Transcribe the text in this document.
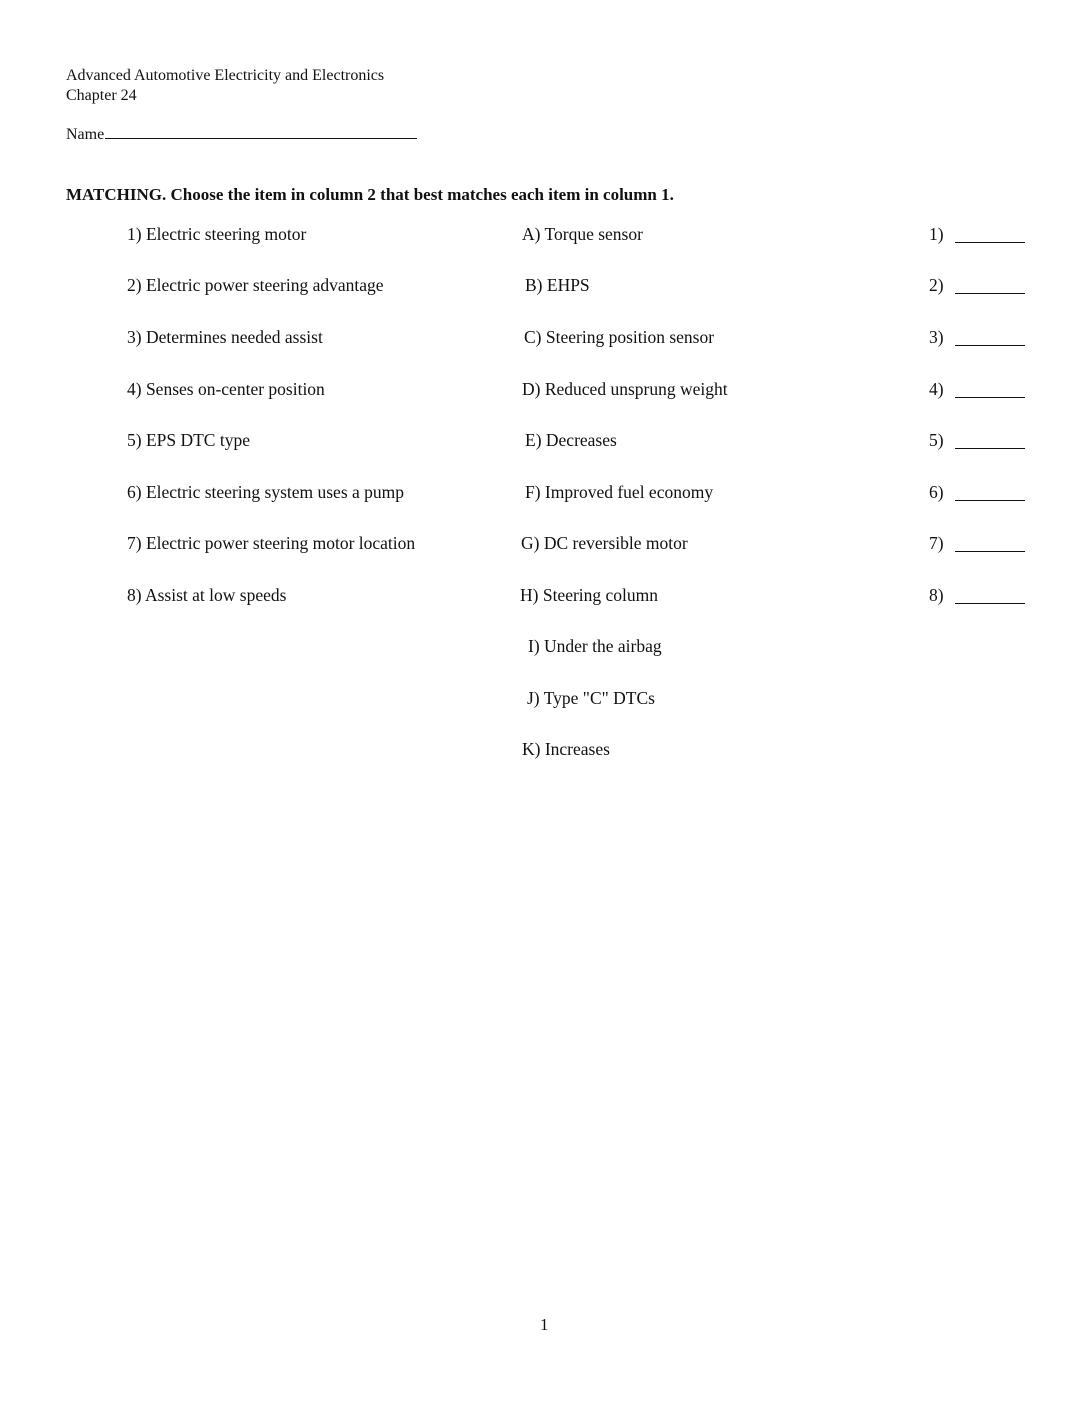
Advanced Automotive Electricity and Electronics
Chapter 24
Name
MATCHING. Choose the item in column 2 that best matches each item in column 1.
1) Electric steering motor
2) Electric power steering advantage
3) Determines needed assist
4) Senses on-center position
5) EPS DTC type
6) Electric steering system uses a pump
7) Electric power steering motor location
8) Assist at low speeds
A) Torque sensor
B) EHPS
C) Steering position sensor
D) Reduced unsprung weight
E) Decreases
F) Improved fuel economy
G) DC reversible motor
H) Steering column
I) Under the airbag
J) Type "C" DTCs
K) Increases
1)
2)
3)
4)
5)
6)
7)
8)
1
